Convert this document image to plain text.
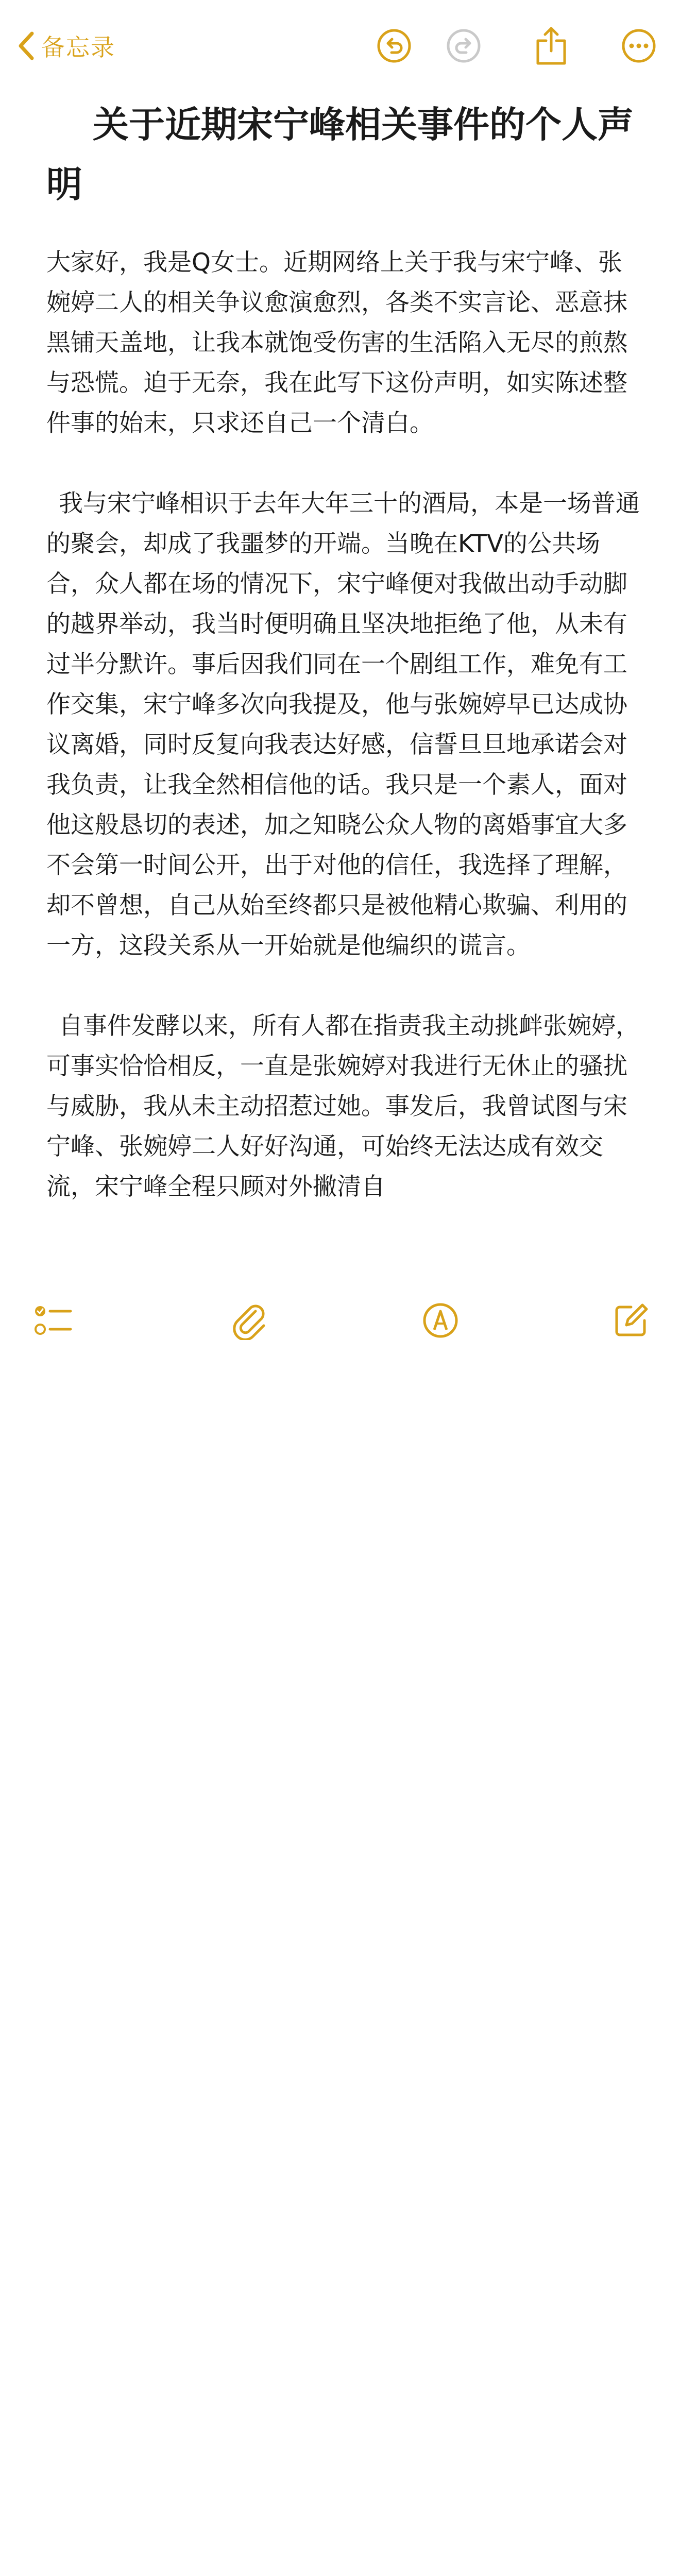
备忘录
关于近期宋宁峰相关事件的个人声明

大家好，我是Q女士。近期网络上关于我与宋宁峰、张婉婷二人的相关争议愈演愈烈，各类不实言论、恶意抹黑铺天盖地，让我本就饱受伤害的生活陷入无尽的煎熬与恐慌。迫于无奈，我在此写下这份声明，如实陈述整件事的始末，只求还自己一个清白。

我与宋宁峰相识于去年大年三十的酒局，本是一场普通的聚会，却成了我噩梦的开端。当晚在KTV的公共场合，众人都在场的情况下，宋宁峰便对我做出动手动脚的越界举动，我当时便明确且坚决地拒绝了他，从未有过半分默许。事后因我们同在一个剧组工作，难免有工作交集，宋宁峰多次向我提及，他与张婉婷早已达成协议离婚，同时反复向我表达好感，信誓旦旦地承诺会对我负责，让我全然相信他的话。我只是一个素人，面对他这般恳切的表述，加之知晓公众人物的离婚事宜大多不会第一时间公开，出于对他的信任，我选择了理解，却不曾想，自己从始至终都只是被他精心欺骗、利用的一方，这段关系从一开始就是他编织的谎言。

自事件发酵以来，所有人都在指责我主动挑衅张婉婷，可事实恰恰相反，一直是张婉婷对我进行无休止的骚扰与威胁，我从未主动招惹过她。事发后，我曾试图与宋宁峰、张婉婷二人好好沟通，可始终无法达成有效交流，宋宁峰全程只顾对外撇清自
